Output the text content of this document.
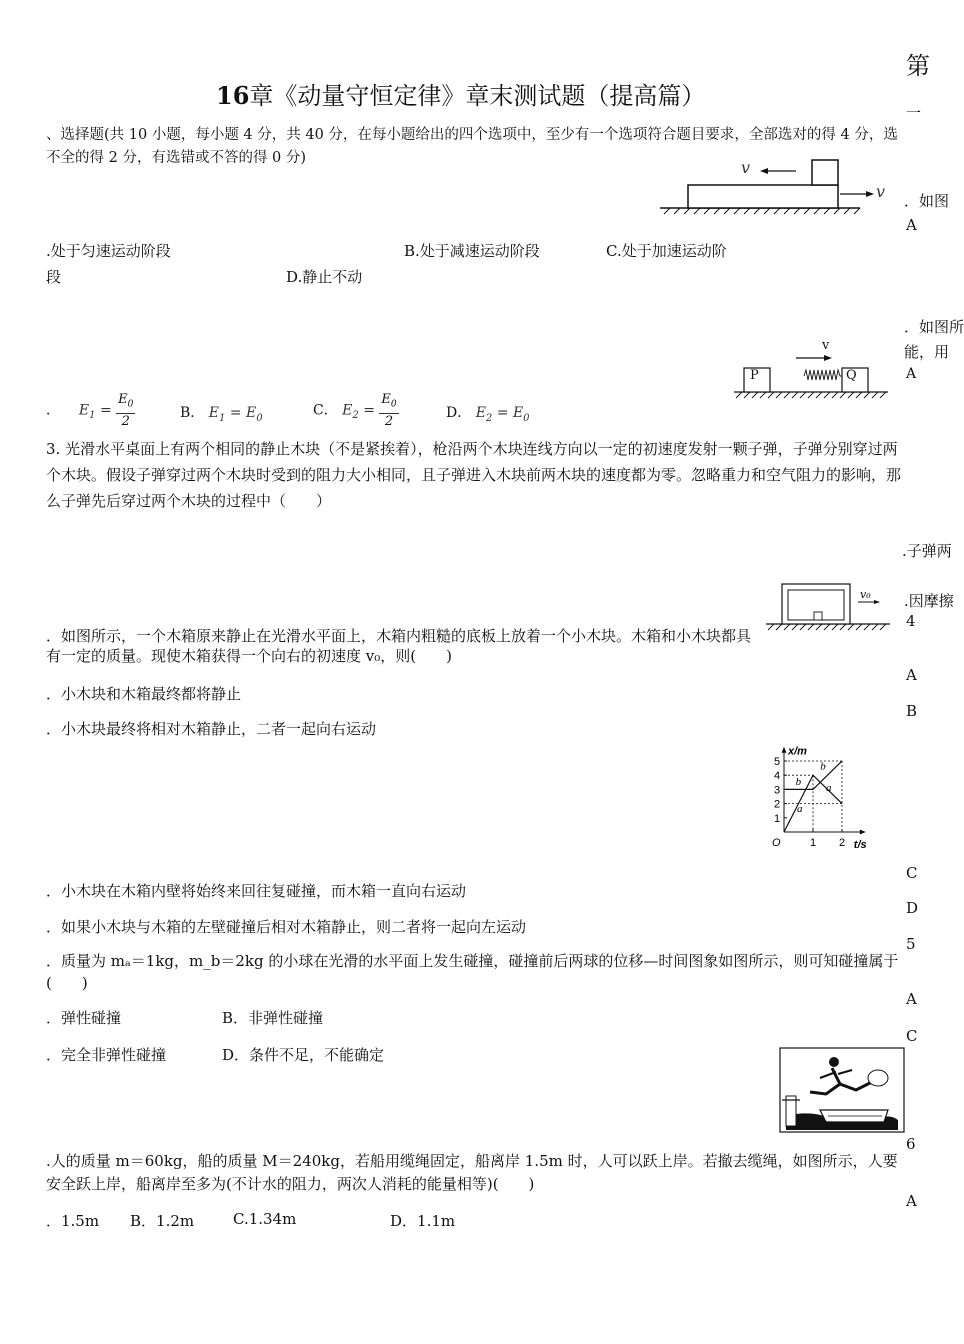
16章《动量守恒定律》章末测试题（提高篇）
第
一
、选择题(共 10 小题，每小题 4 分，共 40 分，在每小题给出的四个选项中，至少有一个选项符合题目要求，全部选对的得 4 分，选不全的得 2 分，有选错或不答的得 0 分)	v
v ．如图
A
.处于匀速运动阶段	B.处于减速运动阶段	C.处于加速运动阶
段	D.静止不动
．如图所
能，用
A
P	Q
v
． $E_1 = \frac{E_0}{2}$	B． $E_1 = E_0$	C． $E_2 = \frac{E_0}{2}$	D． $E_2 = E_0$
3. 光滑水平桌面上有两个相同的静止木块（不是紧挨着），枪沿两个木块连线方向以一定的初速度发射一颗子弹，子弹分别穿过两个木块。假设子弹穿过两个木块时受到的阻力大小相同，且子弹进入木块前两木块的速度都为零。忽略重力和空气阻力的影响，那么子弹先后穿过两个木块的过程中（　　）
.子弹两
.因摩擦
4
v₀
．如图所示，一个木箱原来静止在光滑水平面上，木箱内粗糙的底板上放着一个小木块。木箱和小木块都具有一定的质量。现使木箱获得一个向右的初速度 v₀，则(　　)
A
．小木块和木箱最终都将静止
B
．小木块最终将相对木箱静止，二者一起向右运动
1
2
3
4
5
1 2
O
x/m
t/s
a
a
b
b
C
．小木块在木箱内壁将始终来回往复碰撞，而木箱一直向右运动
D
．如果小木块与木箱的左壁碰撞后相对木箱静止，则二者将一起向左运动
5
．质量为 mₐ＝1kg，m_b＝2kg 的小球在光滑的水平面上发生碰撞，碰撞前后两球的位移—时间图象如图所示，则可知碰撞属于(　　)
A
．弹性碰撞	B．非弹性碰撞
C
．完全非弹性碰撞	D．条件不足，不能确定
6
.人的质量 m＝60kg，船的质量 M＝240kg，若船用缆绳固定，船离岸 1.5m 时，人可以跃上岸。若撤去缆绳，如图所示，人要安全跃上岸，船离岸至多为(不计水的阻力，两次人消耗的能量相等)(　　)
A
．1.5m B．1.2m	C.1.34m	D．1.1m
